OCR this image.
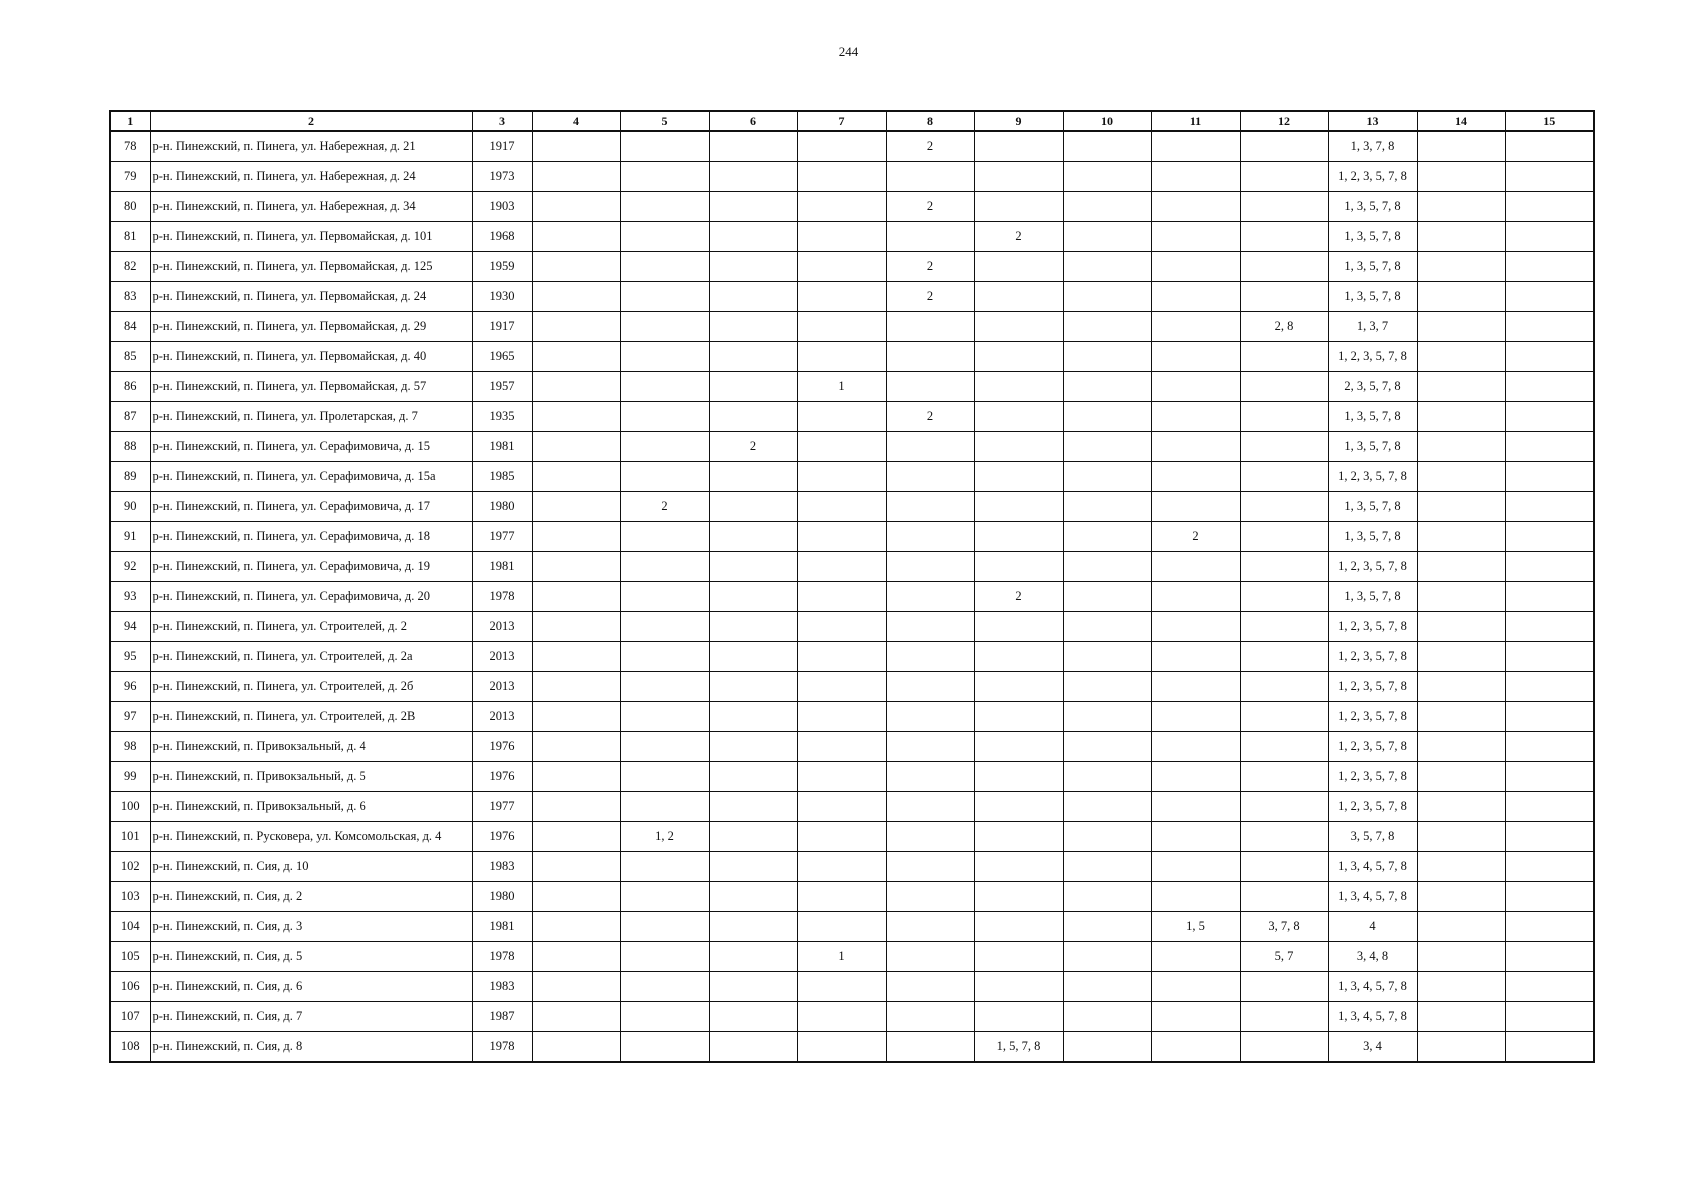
244
1	2	3	4	5	6	7	8	9	10	11	12	13	14	15
78	р-н. Пинежский, п. Пинега, ул. Набережная, д. 21	1917					2					1, 3, 7, 8		
79	р-н. Пинежский, п. Пинега, ул. Набережная, д. 24	1973										1, 2, 3, 5, 7, 8		
80	р-н. Пинежский, п. Пинега, ул. Набережная, д. 34	1903					2					1, 3, 5, 7, 8		
81	р-н. Пинежский, п. Пинега, ул. Первомайская, д. 101	1968						2				1, 3, 5, 7, 8		
82	р-н. Пинежский, п. Пинега, ул. Первомайская, д. 125	1959					2					1, 3, 5, 7, 8		
83	р-н. Пинежский, п. Пинега, ул. Первомайская, д. 24	1930					2					1, 3, 5, 7, 8		
84	р-н. Пинежский, п. Пинега, ул. Первомайская, д. 29	1917									2, 8	1, 3, 7		
85	р-н. Пинежский, п. Пинега, ул. Первомайская, д. 40	1965										1, 2, 3, 5, 7, 8		
86	р-н. Пинежский, п. Пинега, ул. Первомайская, д. 57	1957				1						2, 3, 5, 7, 8		
87	р-н. Пинежский, п. Пинега, ул. Пролетарская, д. 7	1935					2					1, 3, 5, 7, 8		
88	р-н. Пинежский, п. Пинега, ул. Серафимовича, д. 15	1981			2							1, 3, 5, 7, 8		
89	р-н. Пинежский, п. Пинега, ул. Серафимовича, д. 15а	1985										1, 2, 3, 5, 7, 8		
90	р-н. Пинежский, п. Пинега, ул. Серафимовича, д. 17	1980		2								1, 3, 5, 7, 8		
91	р-н. Пинежский, п. Пинега, ул. Серафимовича, д. 18	1977								2		1, 3, 5, 7, 8		
92	р-н. Пинежский, п. Пинега, ул. Серафимовича, д. 19	1981										1, 2, 3, 5, 7, 8		
93	р-н. Пинежский, п. Пинега, ул. Серафимовича, д. 20	1978						2				1, 3, 5, 7, 8		
94	р-н. Пинежский, п. Пинега, ул. Строителей, д. 2	2013										1, 2, 3, 5, 7, 8		
95	р-н. Пинежский, п. Пинега, ул. Строителей, д. 2а	2013										1, 2, 3, 5, 7, 8		
96	р-н. Пинежский, п. Пинега, ул. Строителей, д. 2б	2013										1, 2, 3, 5, 7, 8		
97	р-н. Пинежский, п. Пинега, ул. Строителей, д. 2В	2013										1, 2, 3, 5, 7, 8		
98	р-н. Пинежский, п. Привокзальный, д. 4	1976										1, 2, 3, 5, 7, 8		
99	р-н. Пинежский, п. Привокзальный, д. 5	1976										1, 2, 3, 5, 7, 8		
100	р-н. Пинежский, п. Привокзальный, д. 6	1977										1, 2, 3, 5, 7, 8		
101	р-н. Пинежский, п. Русковера, ул. Комсомольская, д. 4	1976		1, 2								3, 5, 7, 8		
102	р-н. Пинежский, п. Сия, д. 10	1983										1, 3, 4, 5, 7, 8		
103	р-н. Пинежский, п. Сия, д. 2	1980										1, 3, 4, 5, 7, 8		
104	р-н. Пинежский, п. Сия, д. 3	1981								1, 5	3, 7, 8	4		
105	р-н. Пинежский, п. Сия, д. 5	1978				1					5, 7	3, 4, 8		
106	р-н. Пинежский, п. Сия, д. 6	1983										1, 3, 4, 5, 7, 8		
107	р-н. Пинежский, п. Сия, д. 7	1987										1, 3, 4, 5, 7, 8		
108	р-н. Пинежский, п. Сия, д. 8	1978						1, 5, 7, 8				3, 4		
